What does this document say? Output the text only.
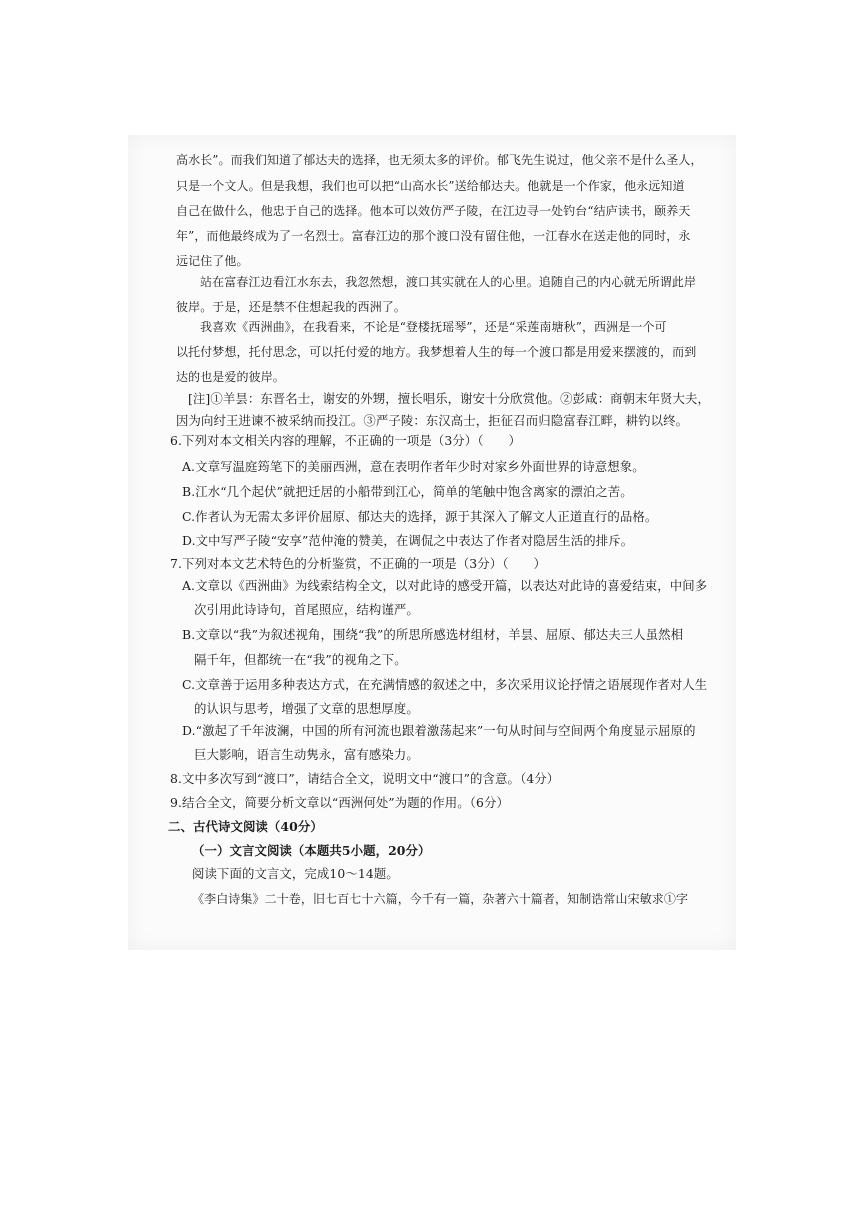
高水长”。而我们知道了郁达夫的选择，也无须太多的评价。郁飞先生说过，他父亲不是什么圣人，
只是一个文人。但是我想，我们也可以把“山高水长”送给郁达夫。他就是一个作家，他永远知道
自己在做什么，他忠于自己的选择。他本可以效仿严子陵，在江边寻一处钓台“结庐读书，颐养天
年”，而他最终成为了一名烈士。富春江边的那个渡口没有留住他，一江春水在送走他的同时，永
远记住了他。
站在富春江边看江水东去，我忽然想，渡口其实就在人的心里。追随自己的内心就无所谓此岸
彼岸。于是，还是禁不住想起我的西洲了。
我喜欢《西洲曲》，在我看来，不论是“登楼抚瑶琴”，还是“采莲南塘秋”，西洲是一个可
以托付梦想，托付思念，可以托付爱的地方。我梦想着人生的每一个渡口都是用爱来摆渡的，而到
达的也是爱的彼岸。
[注]①羊昙：东晋名士，谢安的外甥，擅长唱乐，谢安十分欣赏他。②彭咸：商朝末年贤大夫，
因为向纣王进谏不被采纳而投江。③严子陵：东汉高士，拒征召而归隐富春江畔，耕钓以终。
6.下列对本文相关内容的理解，不正确的一项是（3分）（　　）
A.文章写温庭筠笔下的美丽西洲，意在表明作者年少时对家乡外面世界的诗意想象。
B.江水“几个起伏”就把迁居的小船带到江心，简单的笔触中饱含离家的漂泊之苦。
C.作者认为无需太多评价屈原、郁达夫的选择，源于其深入了解文人正道直行的品格。
D.文中写严子陵“安享”范仲淹的赞美，在调侃之中表达了作者对隐居生活的排斥。
7.下列对本文艺术特色的分析鉴赏，不正确的一项是（3分）（　　）
A.文章以《西洲曲》为线索结构全文，以对此诗的感受开篇，以表达对此诗的喜爱结束，中间多
次引用此诗诗句，首尾照应，结构谨严。
B.文章以“我”为叙述视角，围绕“我”的所思所感选材组材，羊昙、屈原、郁达夫三人虽然相
隔千年，但都统一在“我”的视角之下。
C.文章善于运用多种表达方式，在充满情感的叙述之中，多次采用议论抒情之语展现作者对人生
的认识与思考，增强了文章的思想厚度。
D.“激起了千年波澜，中国的所有河流也跟着激荡起来”一句从时间与空间两个角度显示屈原的
巨大影响，语言生动隽永，富有感染力。
8.文中多次写到“渡口”，请结合全文，说明文中“渡口”的含意。（4分）
9.结合全文，简要分析文章以“西洲何处”为题的作用。（6分）
二、古代诗文阅读（40分）
（一）文言文阅读（本题共5小题，20分）
阅读下面的文言文，完成10～14题。
《李白诗集》二十卷，旧七百七十六篇，今千有一篇，杂著六十篇者，知制诰常山宋敏求①字
